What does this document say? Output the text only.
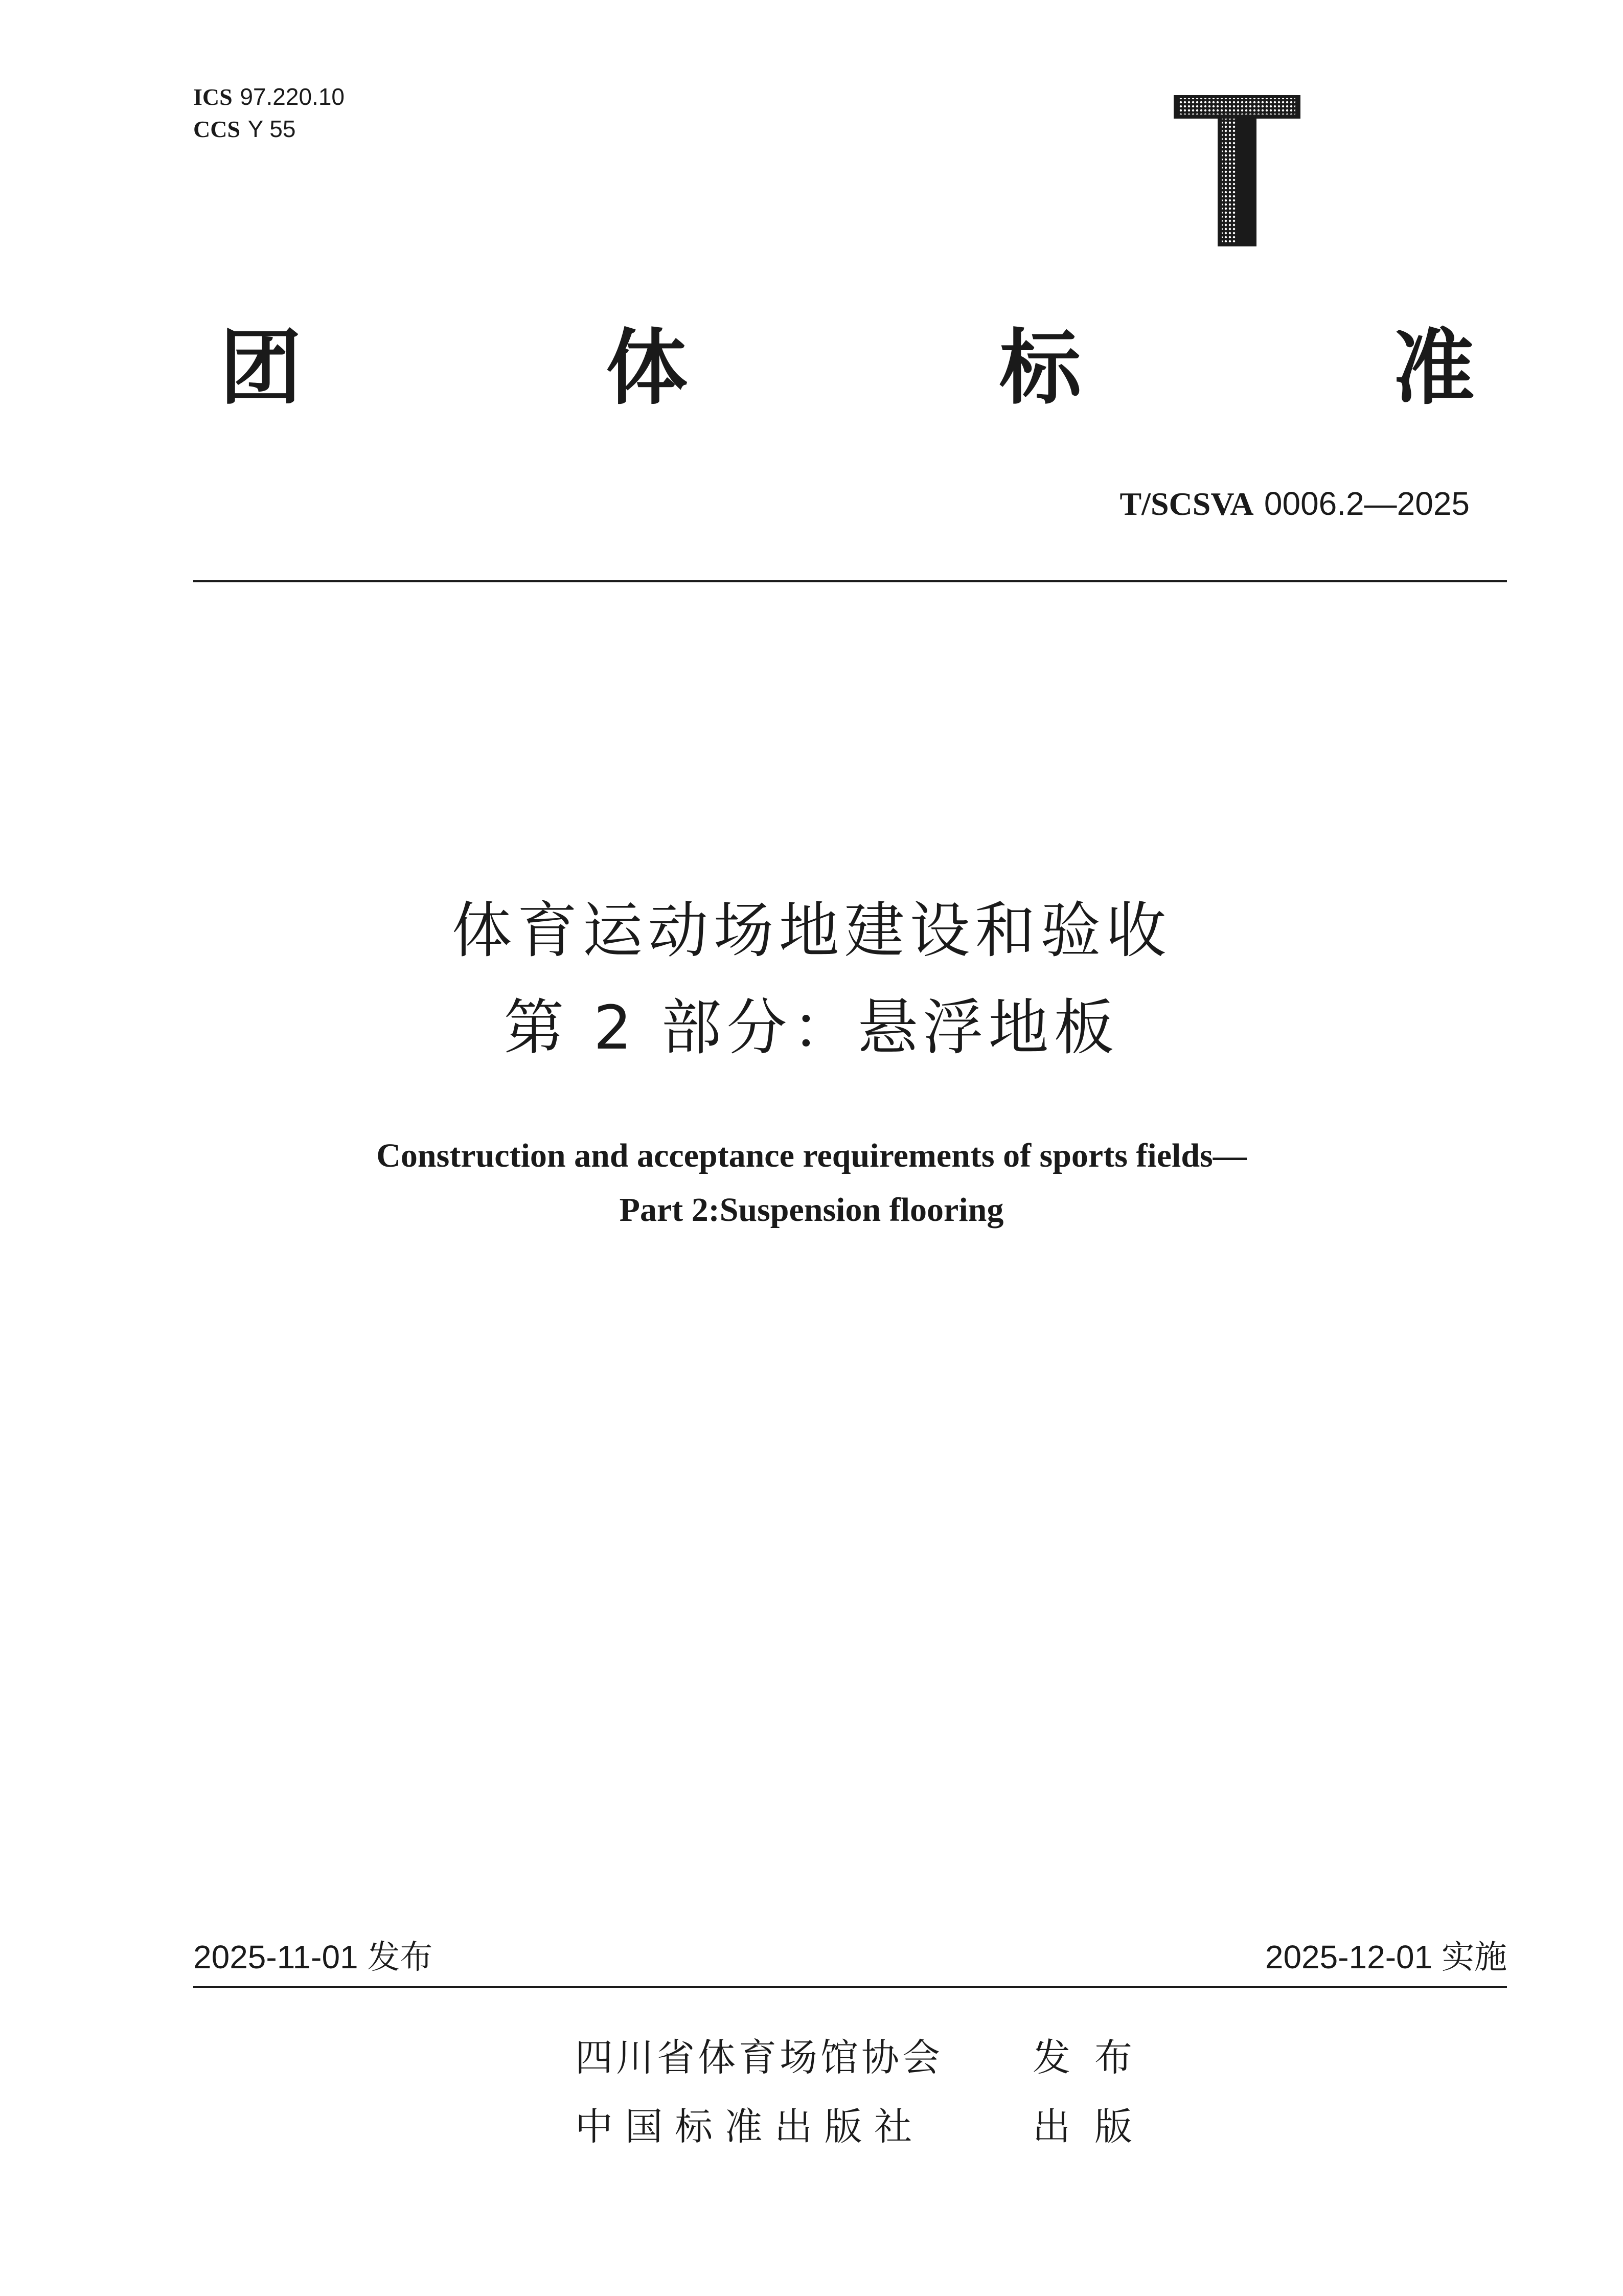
ICS 97.220.10
CCS Y 55
团	体	标	准
T/SCSVA 0006.2—2025
体育运动场地建设和验收
第 2 部分：悬浮地板
Construction and acceptance requirements of sports fields—
Part 2:Suspension flooring
2025-11-01 发布	2025-12-01 实施
四川省体育场馆协会 发  布
中 国 标 准 出 版 社	出  版
